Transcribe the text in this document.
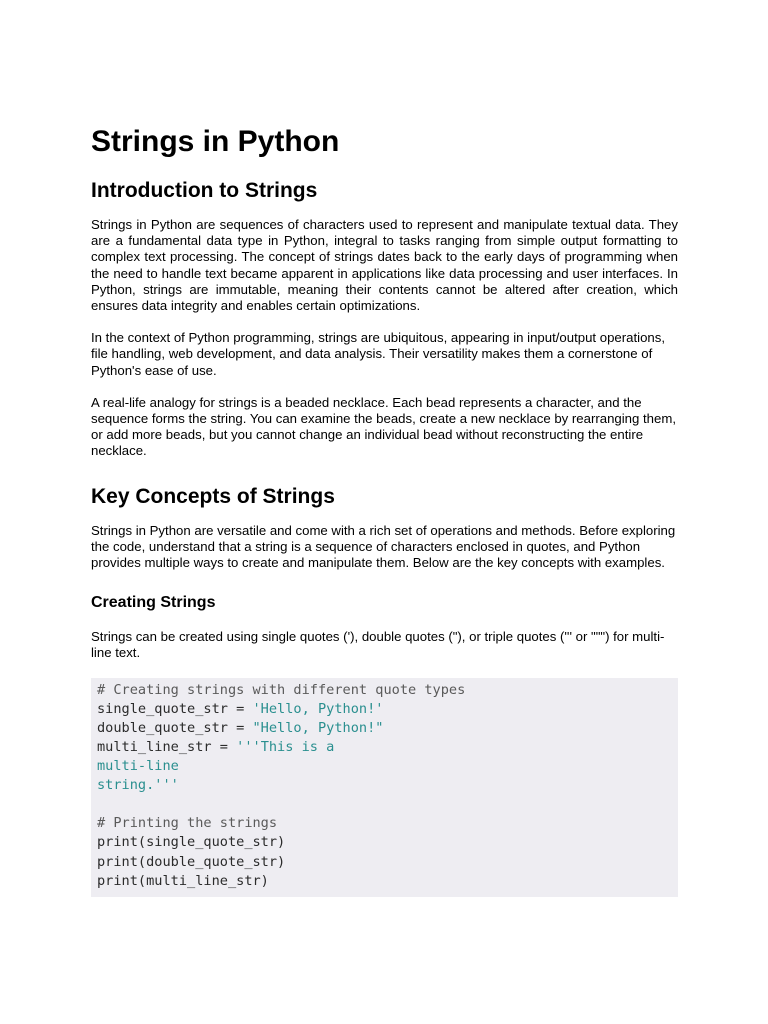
Strings in Python
Introduction to Strings

Strings in Python are sequences of characters used to represent and manipulate textual data. They are a fundamental data type in Python, integral to tasks ranging from simple output formatting to complex text processing. The concept of strings dates back to the early days of programming when the need to handle text became apparent in applications like data processing and user interfaces. In Python, strings are immutable, meaning their contents cannot be altered after creation, which ensures data integrity and enables certain optimizations.

In the context of Python programming, strings are ubiquitous, appearing in input/output operations, file handling, web development, and data analysis. Their versatility makes them a cornerstone of Python's ease of use.

A real-life analogy for strings is a beaded necklace. Each bead represents a character, and the sequence forms the string. You can examine the beads, create a new necklace by rearranging them, or add more beads, but you cannot change an individual bead without reconstructing the entire necklace.

Key Concepts of Strings

Strings in Python are versatile and come with a rich set of operations and methods. Before exploring the code, understand that a string is a sequence of characters enclosed in quotes, and Python provides multiple ways to create and manipulate them. Below are the key concepts with examples.

Creating Strings

Strings can be created using single quotes ('), double quotes ("), or triple quotes (''' or """) for multi-line text.

# Creating strings with different quote types
single_quote_str = 'Hello, Python!'
double_quote_str = "Hello, Python!"
multi_line_str = '''This is a
multi-line
string.'''
# Printing the strings
print(single_quote_str)
print(double_quote_str)
print(multi_line_str)
